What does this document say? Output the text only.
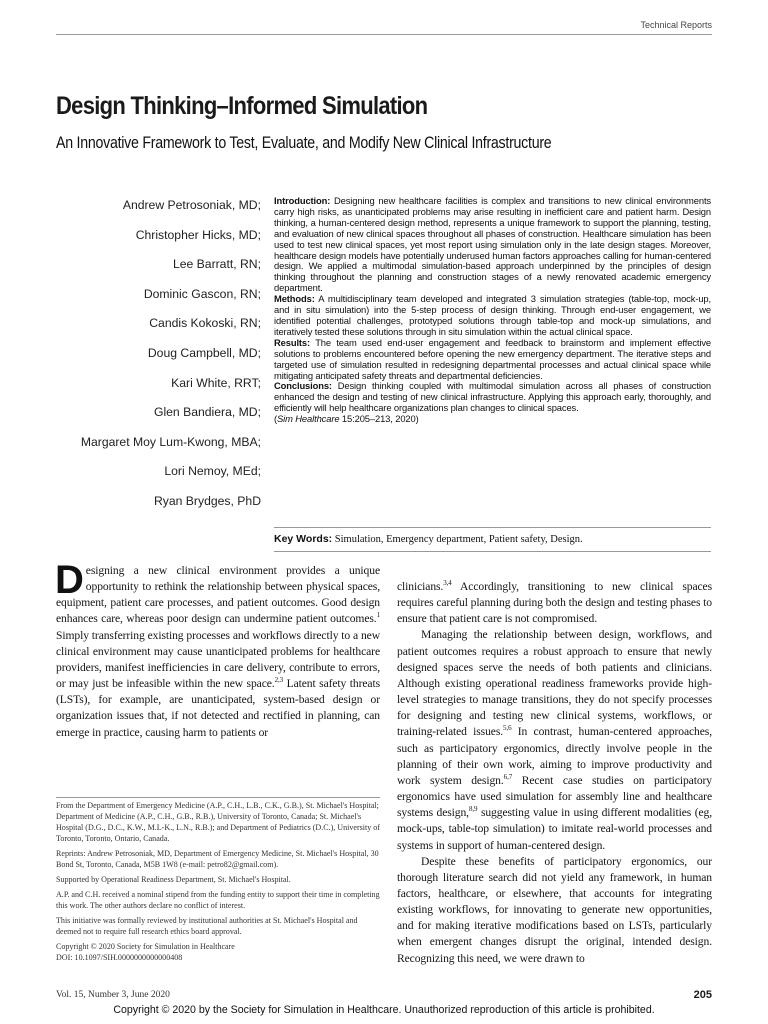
Technical Reports
Design Thinking–Informed Simulation
An Innovative Framework to Test, Evaluate, and Modify New Clinical Infrastructure
Andrew Petrosoniak, MD;
Christopher Hicks, MD;
Lee Barratt, RN;
Dominic Gascon, RN;
Candis Kokoski, RN;
Doug Campbell, MD;
Kari White, RRT;
Glen Bandiera, MD;
Margaret Moy Lum-Kwong, MBA;
Lori Nemoy, MEd;
Ryan Brydges, PhD

Introduction: Designing new healthcare facilities is complex and transitions to new clinical environments carry high risks, as unanticipated problems may arise resulting in inefficient care and patient harm. Design thinking, a human-centered design method, represents a unique framework to support the planning, testing, and evaluation of new clinical spaces throughout all phases of construction. Healthcare simulation has been used to test new clinical spaces, yet most report using simulation only in the late design stages. Moreover, healthcare design models have potentially underused human factors approaches calling for human-centered design. We applied a multimodal simulation-based approach underpinned by the principles of design thinking throughout the planning and construction stages of a newly renovated academic emergency department.

Methods: A multidisciplinary team developed and integrated 3 simulation strategies (table-top, mock-up, and in situ simulation) into the 5-step process of design thinking. Through end-user engagement, we identified potential challenges, prototyped solutions through table-top and mock-up simulations, and iteratively tested these solutions through in situ simulation within the actual clinical space.

Results: The team used end-user engagement and feedback to brainstorm and implement effective solutions to problems encountered before opening the new emergency department. The iterative steps and targeted use of simulation resulted in redesigning departmental processes and actual clinical space while mitigating anticipated safety threats and departmental deficiencies.

Conclusions: Design thinking coupled with multimodal simulation across all phases of construction enhanced the design and testing of new clinical infrastructure. Applying this approach early, thoroughly, and efficiently will help healthcare organizations plan changes to clinical spaces.

(Sim Healthcare 15:205–213, 2020)

Key Words: Simulation, Emergency department, Patient safety, Design.

Designing a new clinical environment provides a unique opportunity to rethink the relationship between physical spaces, equipment, patient care processes, and patient outcomes. Good design enhances care, whereas poor design can undermine patient outcomes.$^1$ Simply transferring existing processes and workflows directly to a new clinical environment may cause unanticipated problems for healthcare providers, manifest inefficiencies in care delivery, contribute to errors, or may just be infeasible within the new space.$^{2,3}$ Latent safety threats (LSTs), for example, are unanticipated, system-based design or organization issues that, if not detected and rectified in planning, can emerge in practice, causing harm to patients or

From the Department of Emergency Medicine (A.P., C.H., L.B., C.K., G.B.), St. Michael's Hospital; Department of Medicine (A.P., C.H., G.B., R.B.), University of Toronto, Canada; St. Michael's Hospital (D.G., D.C., K.W., M.L-K., L.N., R.B.); and Department of Pediatrics (D.C.), University of Toronto, Toronto, Ontario, Canada.

Reprints: Andrew Petrosoniak, MD, Department of Emergency Medicine, St. Michael's Hospital, 30 Bond St, Toronto, Canada, M5B 1W8 (e-mail: petro82@gmail.com).

Supported by Operational Readiness Department, St. Michael's Hospital.

A.P. and C.H. received a nominal stipend from the funding entity to support their time in completing this work. The other authors declare no conflict of interest.

This initiative was formally reviewed by institutional authorities at St. Michael's Hospital and deemed not to require full research ethics board approval.

Copyright © 2020 Society for Simulation in Healthcare
DOI: 10.1097/SIH.0000000000000408

clinicians.$^{3,4}$ Accordingly, transitioning to new clinical spaces requires careful planning during both the design and testing phases to ensure that patient care is not compromised.

Managing the relationship between design, workflows, and patient outcomes requires a robust approach to ensure that newly designed spaces serve the needs of both patients and clinicians. Although existing operational readiness frameworks provide high-level strategies to manage transitions, they do not specify processes for designing and testing new clinical systems, workflows, or training-related issues.$^{5,6}$ In contrast, human-centered approaches, such as participatory ergonomics, directly involve people in the planning of their own work, aiming to improve productivity and work system design.$^{6,7}$ Recent case studies on participatory ergonomics have used simulation for assembly line and healthcare systems design,$^{8,9}$ suggesting value in using different modalities (eg, mock-ups, table-top simulation) to imitate real-world processes and systems in support of human-centered design.

Despite these benefits of participatory ergonomics, our thorough literature search did not yield any framework, in human factors, healthcare, or elsewhere, that accounts for integrating existing workflows, for innovating to generate new opportunities, and for making iterative modifications based on LSTs, particularly when emergent changes disrupt the original, intended design. Recognizing this need, we were drawn to

Vol. 15, Number 3, June 2020	205
Copyright © 2020 by the Society for Simulation in Healthcare. Unauthorized reproduction of this article is prohibited.
